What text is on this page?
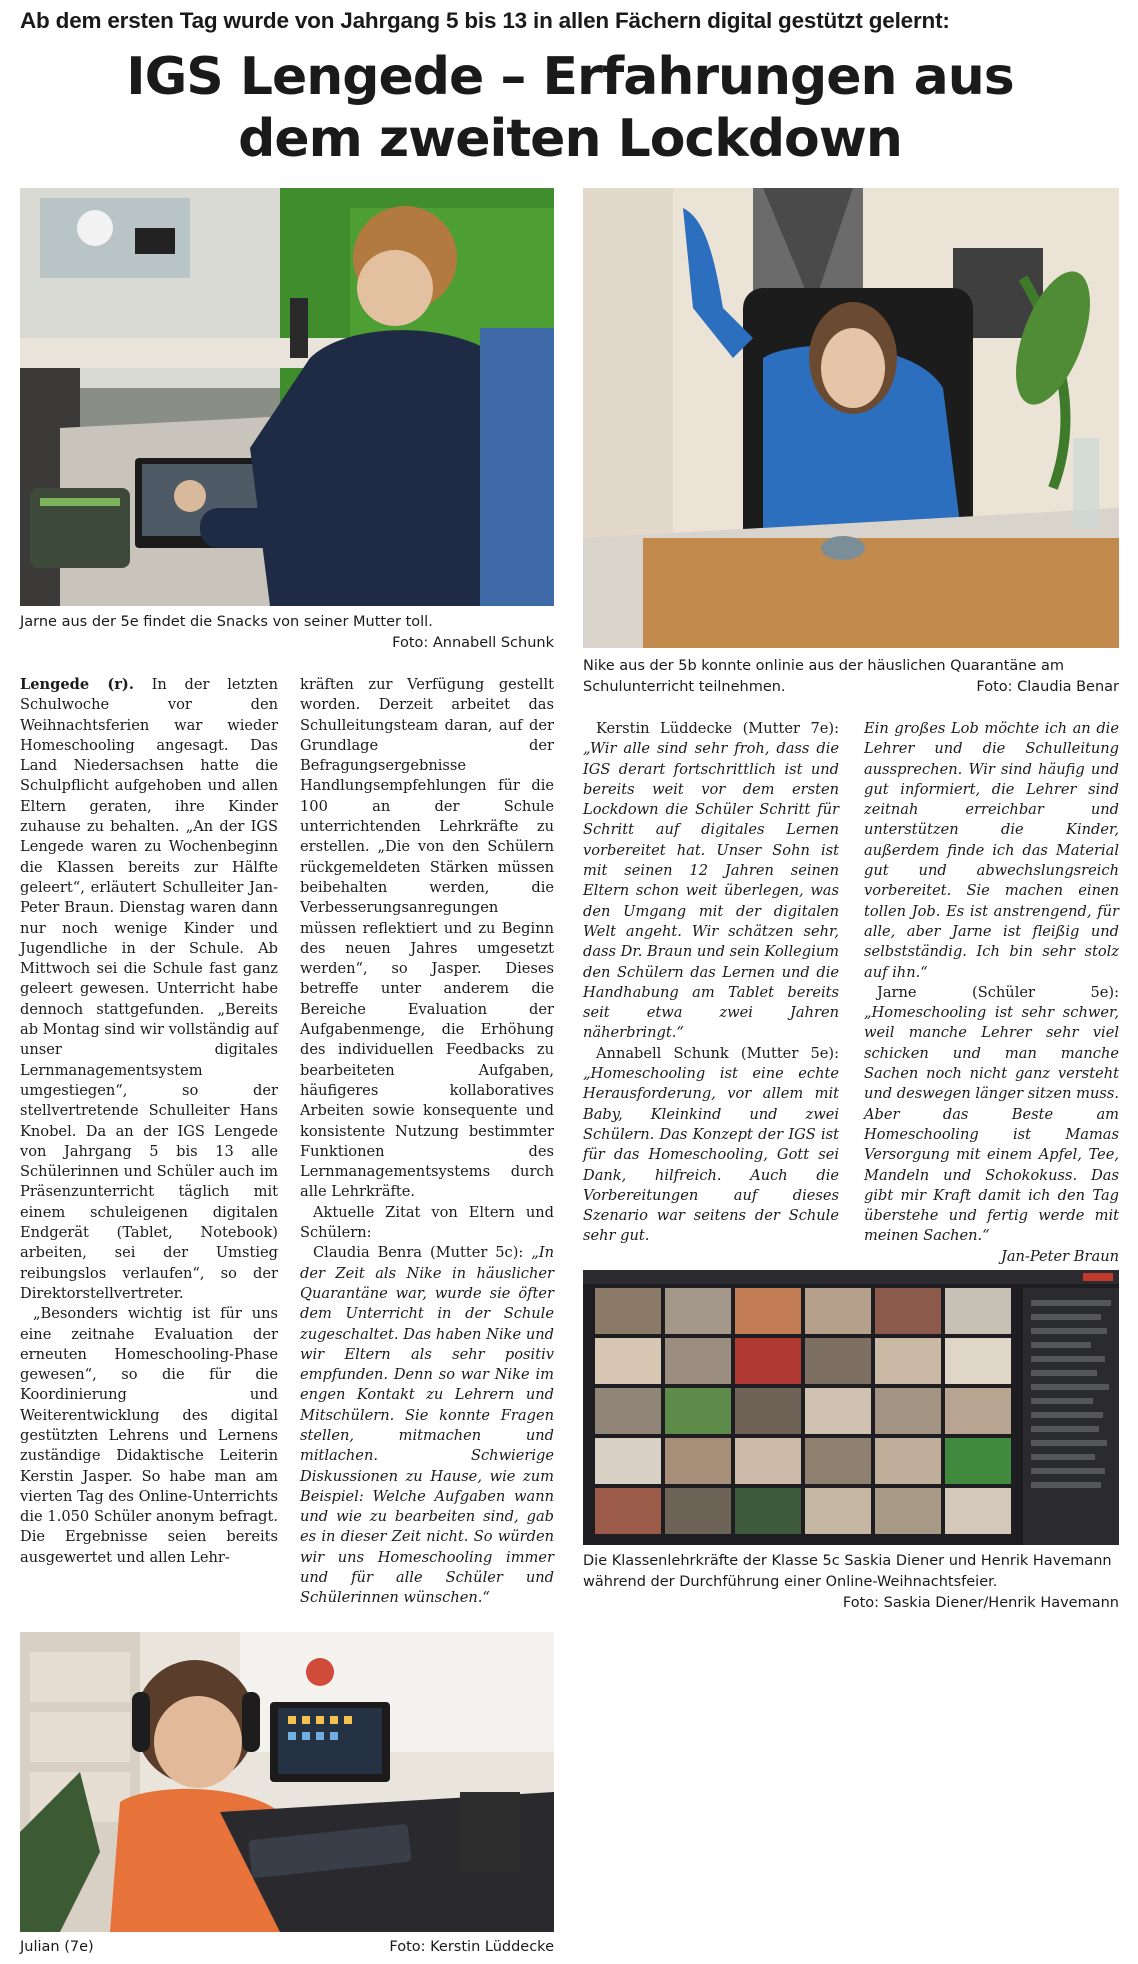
Ab dem ersten Tag wurde von Jahrgang 5 bis 13 in allen Fächern digital gestützt gelernt:
IGS Lengede – Erfahrungen aus
dem zweiten Lockdown
Jarne aus der 5e findet die Snacks von seiner Mutter toll.
Foto: Annabell Schunk
Nike aus der 5b konnte onlinie aus der häuslichen Quarantäne am Schulunterricht teilnehmen.	Foto: Claudia Benar

Lengede (r). In der letzten Schulwoche vor den Weihnachtsferien war wieder Homeschooling angesagt. Das Land Niedersachsen hatte die Schulpflicht aufgehoben und allen Eltern geraten, ihre Kinder zuhause zu behalten. „An der IGS Lengede waren zu Wochenbeginn die Klassen bereits zur Hälfte geleert“, erläutert Schulleiter Jan-Peter Braun. Dienstag waren dann nur noch wenige Kinder und Jugendliche in der Schule. Ab Mittwoch sei die Schule fast ganz geleert gewesen. Unterricht habe dennoch stattgefunden. „Bereits ab Montag sind wir vollständig auf unser digitales Lernmanagementsystem umgestiegen“, so der stellvertretende Schulleiter Hans Knobel. Da an der IGS Lengede von Jahrgang 5 bis 13 alle Schülerinnen und Schüler auch im Präsenzunterricht täglich mit einem schuleigenen digitalen Endgerät (Tablet, Notebook) arbeiten, sei der Umstieg reibungslos verlaufen“, so der Direktorstellvertreter.

„Besonders wichtig ist für uns eine zeitnahe Evaluation der erneuten Homeschooling-Phase gewesen“, so die für die Koordinierung und Weiterentwicklung des digital gestützten Lehrens und Lernens zuständige Didaktische Leiterin Kerstin Jasper. So habe man am vierten Tag des Online-Unterrichts die 1.050 Schüler anonym befragt. Die Ergebnisse seien bereits ausgewertet und allen Lehr-

kräften zur Verfügung gestellt worden. Derzeit arbeitet das Schulleitungsteam daran, auf der Grundlage der Befragungsergebnisse Handlungsempfehlungen für die 100 an der Schule unterrichtenden Lehrkräfte zu erstellen. „Die von den Schülern rückgemeldeten Stärken müssen beibehalten werden, die Verbesserungsanregungen müssen reflektiert und zu Beginn des neuen Jahres umgesetzt werden“, so Jasper. Dieses betreffe unter anderem die Bereiche Evaluation der Aufgabenmenge, die Erhöhung des individuellen Feedbacks zu bearbeiteten Aufgaben, häufigeres kollaboratives Arbeiten sowie konsequente und konsistente Nutzung bestimmter Funktionen des Lernmanagementsystems durch alle Lehrkräfte.

Aktuelle Zitat von Eltern und Schülern:

Claudia Benra (Mutter 5c): „In der Zeit als Nike in häuslicher Quarantäne war, wurde sie öfter dem Unterricht in der Schule zugeschaltet. Das haben Nike und wir Eltern als sehr positiv empfunden. Denn so war Nike im engen Kontakt zu Lehrern und Mitschülern. Sie konnte Fragen stellen, mitmachen und mitlachen. Schwierige Diskussionen zu Hause, wie zum Beispiel: Welche Aufgaben wann und wie zu bearbeiten sind, gab es in dieser Zeit nicht. So würden wir uns Homeschooling immer und für alle Schüler und Schülerinnen wünschen.“

Kerstin Lüddecke (Mutter 7e): „Wir alle sind sehr froh, dass die IGS derart fortschrittlich ist und bereits weit vor dem ersten Lockdown die Schüler Schritt für Schritt auf digitales Lernen vorbereitet hat. Unser Sohn ist mit seinen 12 Jahren seinen Eltern schon weit überlegen, was den Umgang mit der digitalen Welt angeht. Wir schätzen sehr, dass Dr. Braun und sein Kollegium den Schülern das Lernen und die Handhabung am Tablet bereits seit etwa zwei Jahren näherbringt.“

Annabell Schunk (Mutter 5e): „Homeschooling ist eine echte Herausforderung, vor allem mit Baby, Kleinkind und zwei Schülern. Das Konzept der IGS ist für das Homeschooling, Gott sei Dank, hilfreich. Auch die Vorbereitungen auf dieses Szenario war seitens der Schule sehr gut.

Ein großes Lob möchte ich an die Lehrer und die Schulleitung aussprechen. Wir sind häufig und gut informiert, die Lehrer sind zeitnah erreichbar und unterstützen die Kinder, außerdem finde ich das Material gut und abwechslungsreich vorbereitet. Sie machen einen tollen Job. Es ist anstrengend, für alle, aber Jarne ist fleißig und selbstständig. Ich bin sehr stolz auf ihn.“

Jarne (Schüler 5e): „Homeschooling ist sehr schwer, weil manche Lehrer sehr viel schicken und man manche Sachen noch nicht ganz versteht und deswegen länger sitzen muss. Aber das Beste am Homeschooling ist Mamas Versorgung mit einem Apfel, Tee, Mandeln und Schokokuss. Das gibt mir Kraft damit ich den Tag überstehe und fertig werde mit meinen Sachen.“

Jan-Peter Braun

Die Klassenlehrkräfte der Klasse 5c Saskia Diener und Henrik Havemann während der Durchführung einer Online-Weihnachtsfeier.
Foto: Saskia Diener/Henrik Havemann
Julian (7e)	Foto: Kerstin Lüddecke
